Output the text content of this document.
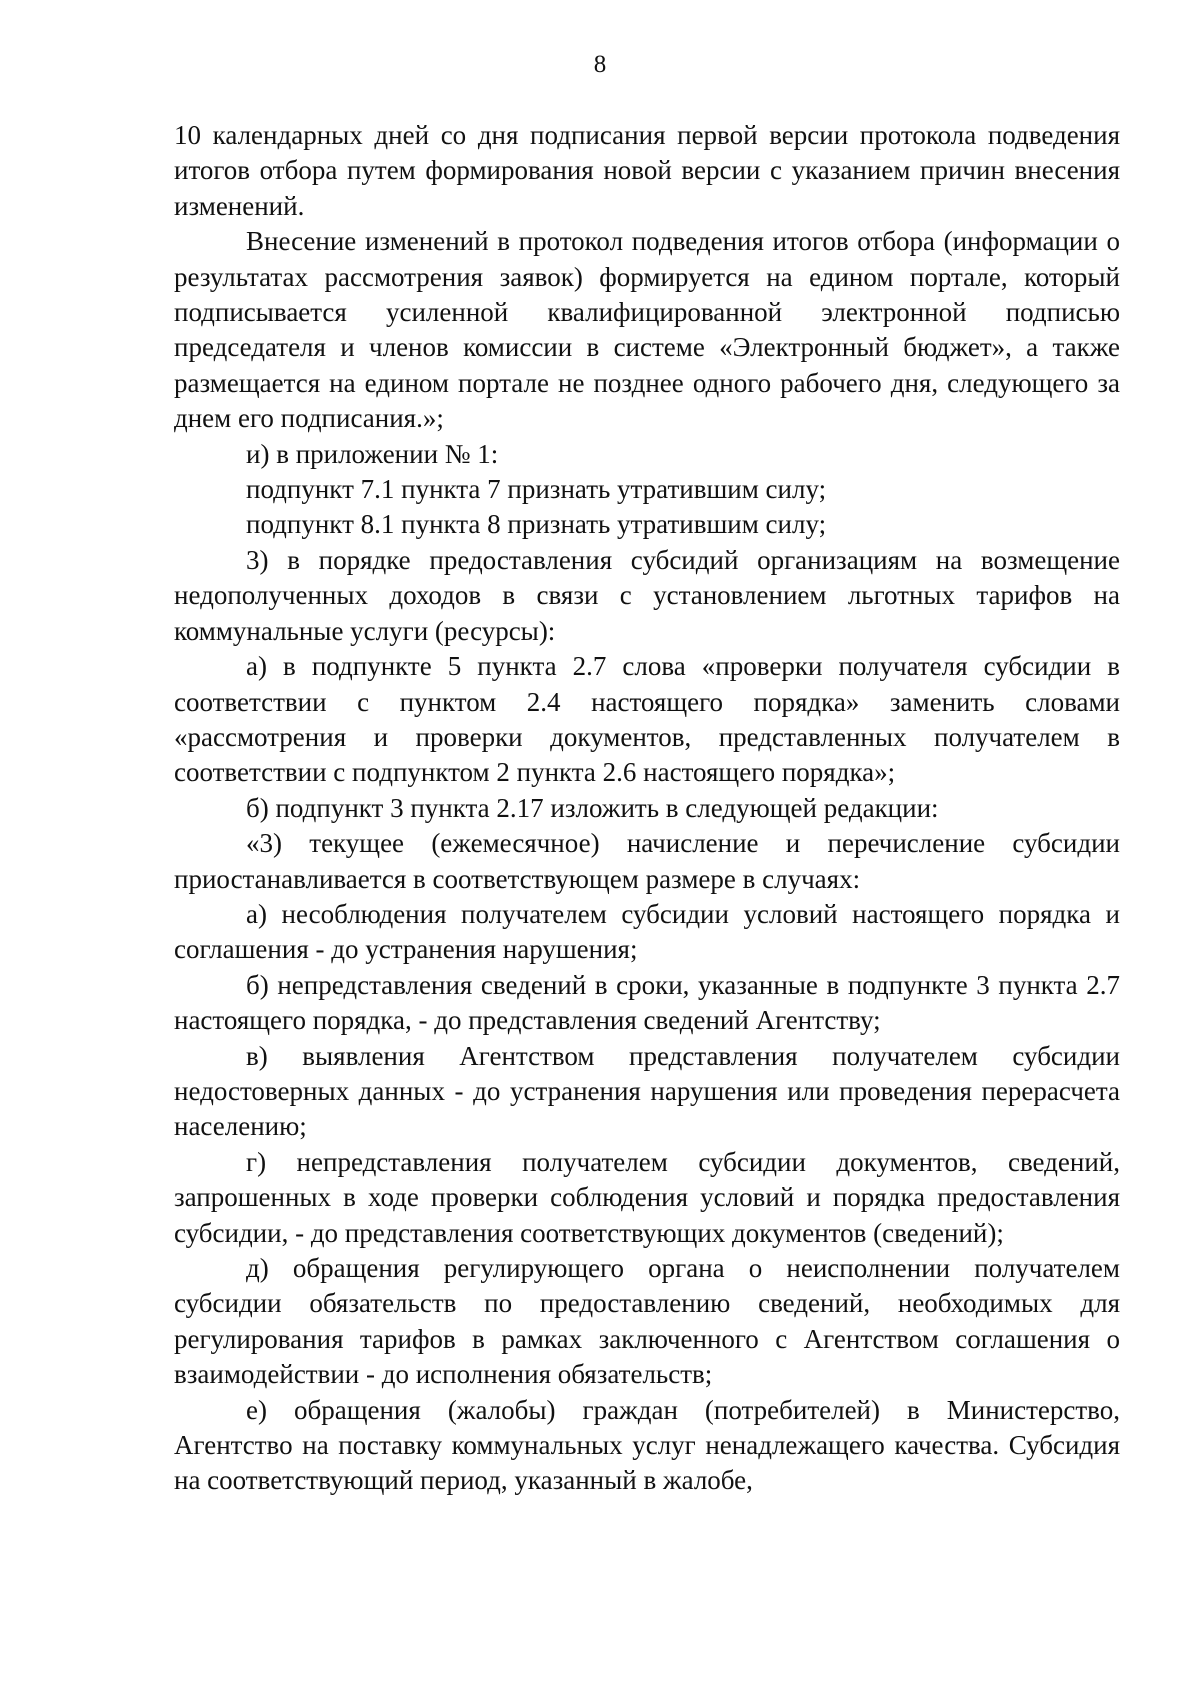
8

10 календарных дней со дня подписания первой версии протокола подведения итогов отбора путем формирования новой версии с указанием причин внесения изменений.

Внесение изменений в протокол подведения итогов отбора (информации о результатах рассмотрения заявок) формируется на едином портале, который подписывается усиленной квалифицированной электронной подписью председателя и членов комиссии в системе «Электронный бюджет», а также размещается на едином портале не позднее одного рабочего дня, следующего за днем его подписания.»;

и) в приложении № 1:

подпункт 7.1 пункта 7 признать утратившим силу;

подпункт 8.1 пункта 8 признать утратившим силу;

3) в порядке предоставления субсидий организациям на возмещение недополученных доходов в связи с установлением льготных тарифов на коммунальные услуги (ресурсы):

а) в подпункте 5 пункта 2.7 слова «проверки получателя субсидии в соответствии с пунктом 2.4 настоящего порядка» заменить словами «рассмотрения и проверки документов, представленных получателем в соответствии с подпунктом 2 пункта 2.6 настоящего порядка»;

б) подпункт 3 пункта 2.17 изложить в следующей редакции:

«3) текущее (ежемесячное) начисление и перечисление субсидии приостанавливается в соответствующем размере в случаях:

а) несоблюдения получателем субсидии условий настоящего порядка и соглашения - до устранения нарушения;

б) непредставления сведений в сроки, указанные в подпункте 3 пункта 2.7 настоящего порядка, - до представления сведений Агентству;

в) выявления Агентством представления получателем субсидии недостоверных данных - до устранения нарушения или проведения перерасчета населению;

г) непредставления получателем субсидии документов, сведений, запрошенных в ходе проверки соблюдения условий и порядка предоставления субсидии, - до представления соответствующих документов (сведений);

д) обращения регулирующего органа о неисполнении получателем субсидии обязательств по предоставлению сведений, необходимых для регулирования тарифов в рамках заключенного с Агентством соглашения о взаимодействии - до исполнения обязательств;

е) обращения (жалобы) граждан (потребителей) в Министерство, Агентство на поставку коммунальных услуг ненадлежащего качества. Субсидия на соответствующий период, указанный в жалобе,
